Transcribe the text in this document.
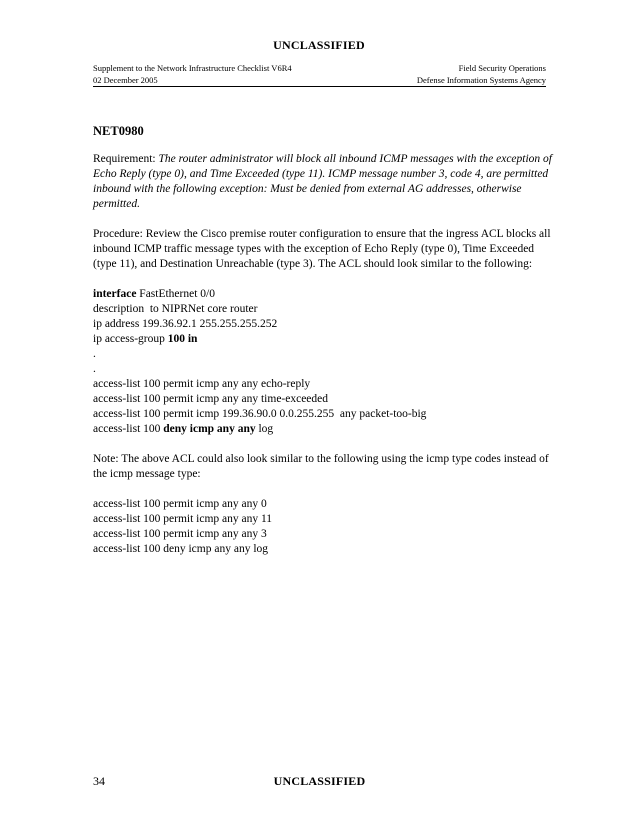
UNCLASSIFIED
Supplement to the Network Infrastructure Checklist V6R4	Field Security Operations
02 December 2005	Defense Information Systems Agency
NET0980

Requirement: The router administrator will block all inbound ICMP messages with the exception of Echo Reply (type 0), and Time Exceeded (type 11). ICMP message number 3, code 4, are permitted inbound with the following exception: Must be denied from external AG addresses, otherwise permitted.

Procedure: Review the Cisco premise router configuration to ensure that the ingress ACL blocks all inbound ICMP traffic message types with the exception of Echo Reply (type 0), Time Exceeded (type 11), and Destination Unreachable (type 3). The ACL should look similar to the following:

interface FastEthernet 0/0
description  to NIPRNet core router
ip address 199.36.92.1 255.255.255.252
ip access-group 100 in
.
.
access-list 100 permit icmp any any echo-reply
access-list 100 permit icmp any any time-exceeded
access-list 100 permit icmp 199.36.90.0 0.0.255.255  any packet-too-big
access-list 100 deny icmp any any log

Note: The above ACL could also look similar to the following using the icmp type codes instead of the icmp message type:

access-list 100 permit icmp any any 0
access-list 100 permit icmp any any 11
access-list 100 permit icmp any any 3
access-list 100 deny icmp any any log
34	UNCLASSIFIED
